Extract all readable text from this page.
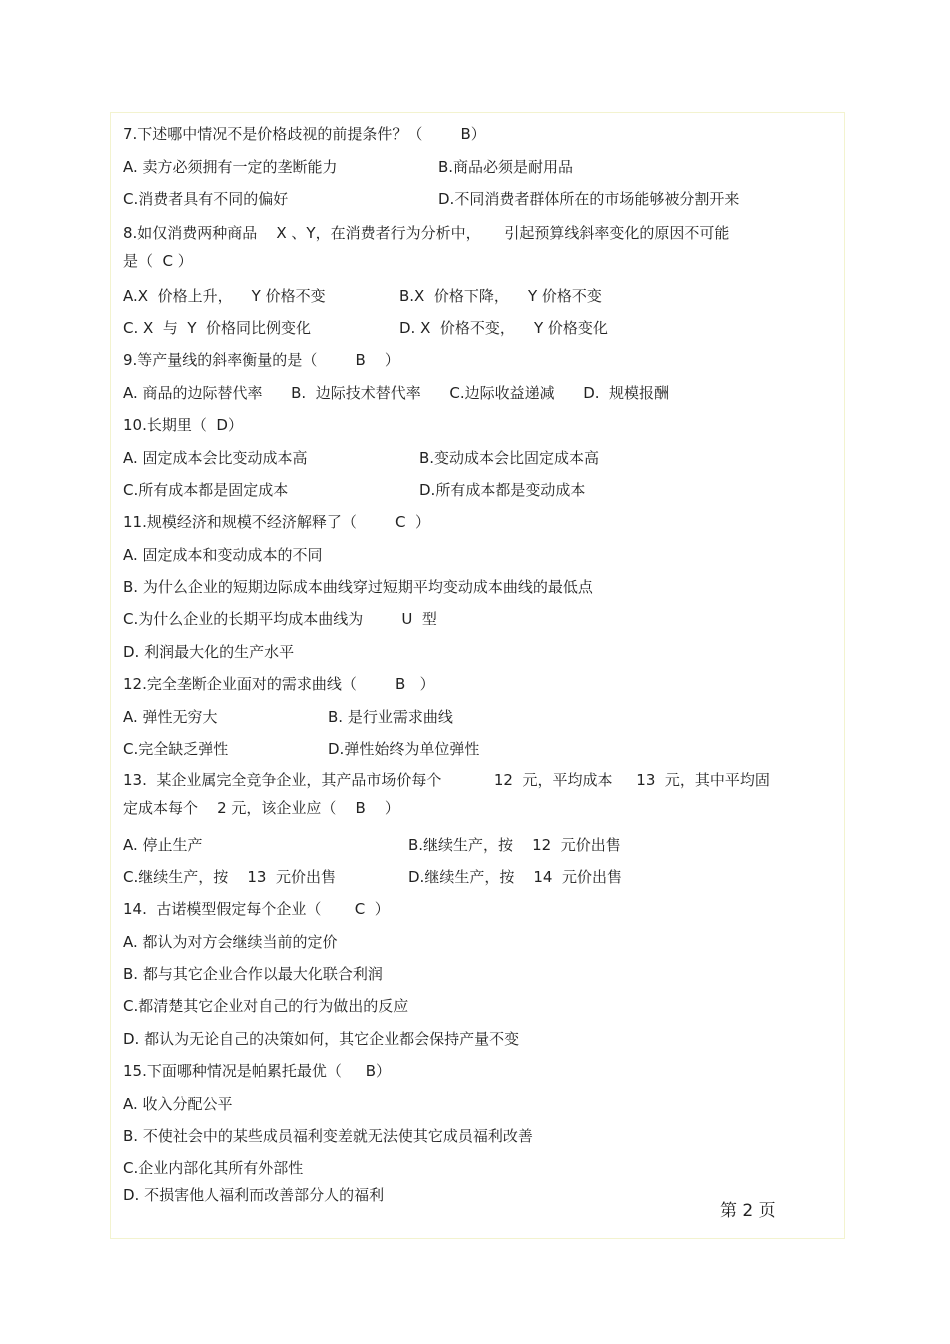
7.下述哪中情况不是价格歧视的前提条件？（        B）
A. 卖方必须拥有一定的垄断能力	B.商品必须是耐用品
C.消费者具有不同的偏好	D.不同消费者群体所在的市场能够被分割开来
8.如仅消费两种商品    X 、Y，在消费者行为分析中，     引起预算线斜率变化的原因不可能
是（  C ）
A.X  价格上升，    Y 价格不变	B.X  价格下降，    Y 价格不变
C. X  与  Y  价格同比例变化	D. X  价格不变，    Y 价格变化
9.等产量线的斜率衡量的是（        B    ）
A. 商品的边际替代率      B.  边际技术替代率      C.边际收益递减      D.  规模报酬
10.长期里（  D）
A. 固定成本会比变动成本高	B.变动成本会比固定成本高
C.所有成本都是固定成本	D.所有成本都是变动成本
11.规模经济和规模不经济解释了（        C  ）
A. 固定成本和变动成本的不同
B. 为什么企业的短期边际成本曲线穿过短期平均变动成本曲线的最低点
C.为什么企业的长期平均成本曲线为        U  型
D. 利润最大化的生产水平
12.完全垄断企业面对的需求曲线（        B   ）
A. 弹性无穷大	B. 是行业需求曲线
C.完全缺乏弹性	D.弹性始终为单位弹性
13.  某企业属完全竞争企业，其产品市场价每个           12  元，平均成本     13  元，其中平均固
定成本每个    2 元，该企业应（    B    ）
A. 停止生产	B.继续生产，按    12  元价出售
C.继续生产，按    13  元价出售	D.继续生产，按    14  元价出售
14.  古诺模型假定每个企业（       C  ）
A. 都认为对方会继续当前的定价
B. 都与其它企业合作以最大化联合利润
C.都清楚其它企业对自己的行为做出的反应
D. 都认为无论自己的决策如何，其它企业都会保持产量不变
15.下面哪种情况是帕累托最优（     B）
A. 收入分配公平
B. 不使社会中的某些成员福利变差就无法使其它成员福利改善
C.企业内部化其所有外部性
D. 不损害他人福利而改善部分人的福利
第 2 页
